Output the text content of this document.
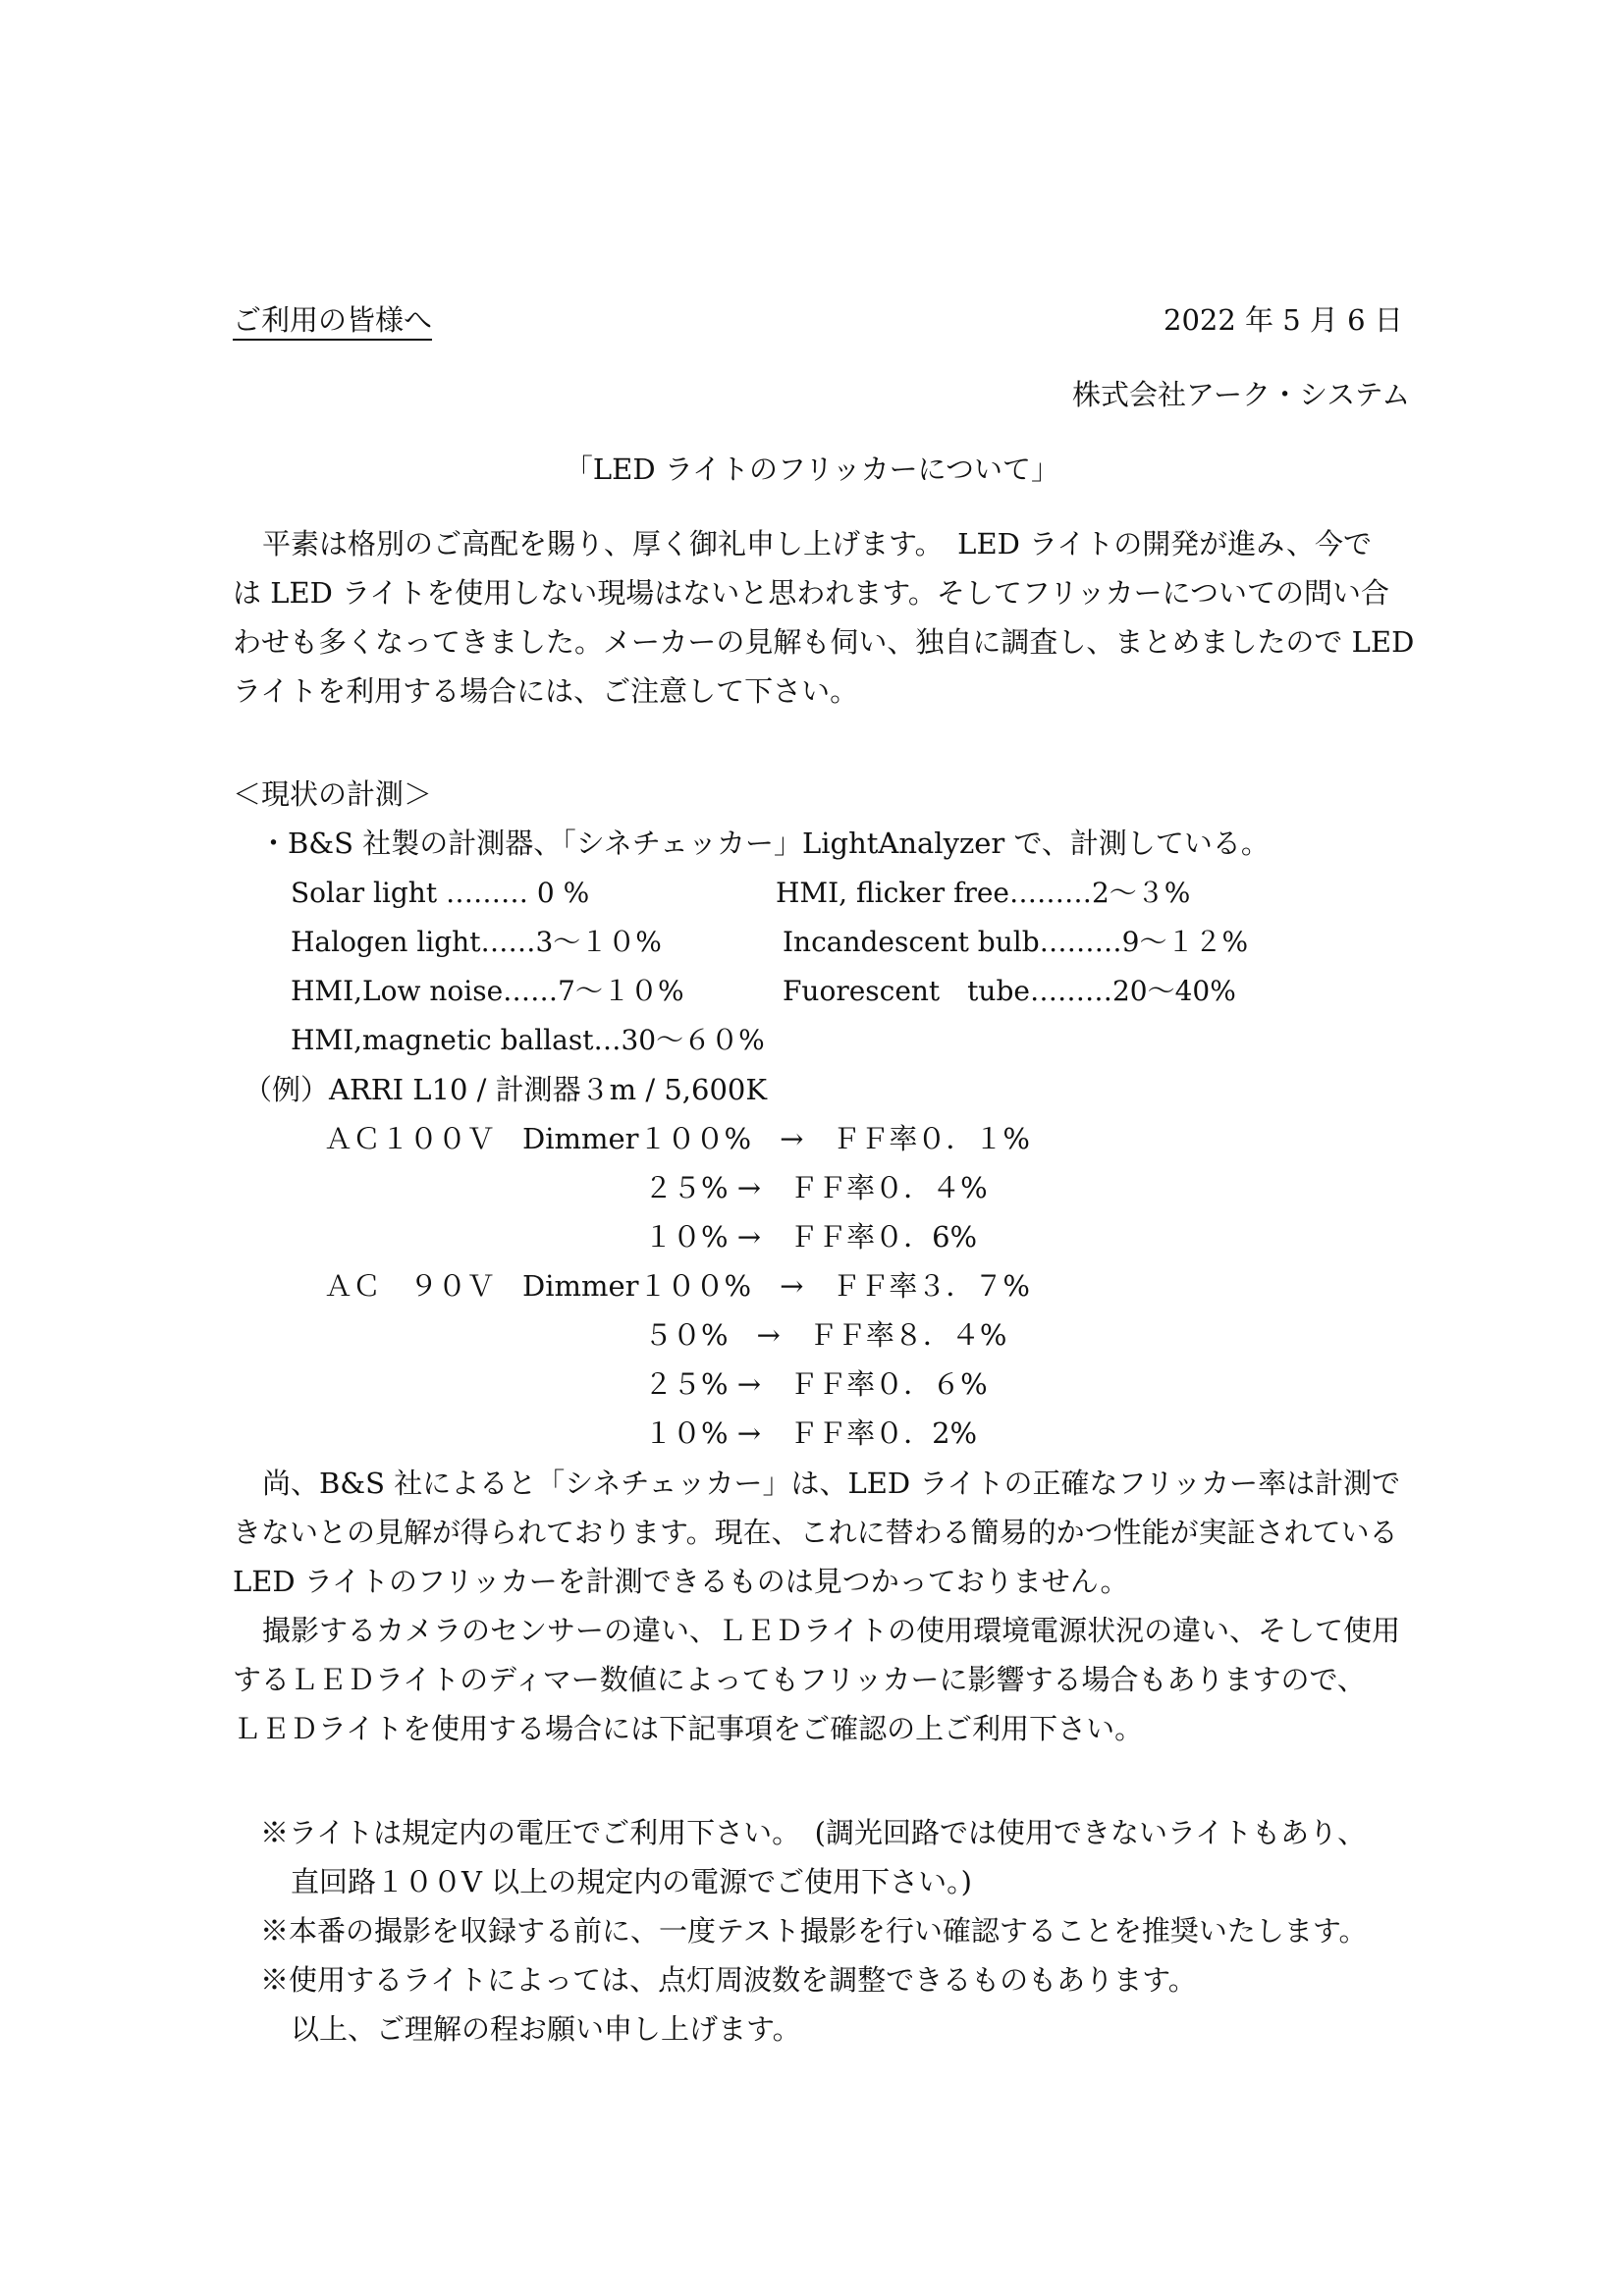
ご利用の皆様へ	2022 年 5 月 6 日
株式会社アーク・システム
「LED ライトのフリッカーについて」
平素は格別のご高配を賜り、厚く御礼申し上げます。　LED ライトの開発が進み、今で
は LED ライトを使用しない現場はないと思われます。そしてフリッカーについての問い合
わせも多くなってきました。メーカーの見解も伺い、独自に調査し、まとめましたので LED
ライトを利用する場合には、ご注意して下さい。
＜現状の計測＞
・B&S 社製の計測器、「シネチェッカー」LightAnalyzer で、計測している。
Solar light ……… 0 %	HMI, flicker free………2～３%
Halogen light……3～１０%	Incandescent bulb………9～１２%
HMI,Low noise……7～１０%	Fuorescent　tube………20～40%
HMI,magnetic ballast…30～６０%
（例）ARRI L10 / 計測器３m / 5,600K
ＡＣ１００Ｖ Dimmer１００%　→　ＦＦ率０．１%
２５% →　ＦＦ率０．４%
１０% →　ＦＦ率０．6%
ＡＣ　９０Ｖ Dimmer１００%　→　ＦＦ率３．７%
５０%　→　ＦＦ率８．４%
２５% →　ＦＦ率０．６%
１０% →　ＦＦ率０．2%
尚、B&S 社によると「シネチェッカー」は、LED ライトの正確なフリッカー率は計測で
きないとの見解が得られております。現在、これに替わる簡易的かつ性能が実証されている
LED ライトのフリッカーを計測できるものは見つかっておりません。
撮影するカメラのセンサーの違い、ＬＥＤライトの使用環境電源状況の違い、そして使用
するＬＥＤライトのディマー数値によってもフリッカーに影響する場合もありますので、
ＬＥＤライトを使用する場合には下記事項をご確認の上ご利用下さい。
※ライトは規定内の電圧でご利用下さい。　(調光回路では使用できないライトもあり、
直回路１００V 以上の規定内の電源でご使用下さい。)
※本番の撮影を収録する前に、一度テスト撮影を行い確認することを推奨いたします。
※使用するライトによっては、点灯周波数を調整できるものもあります。
以上、ご理解の程お願い申し上げます。
